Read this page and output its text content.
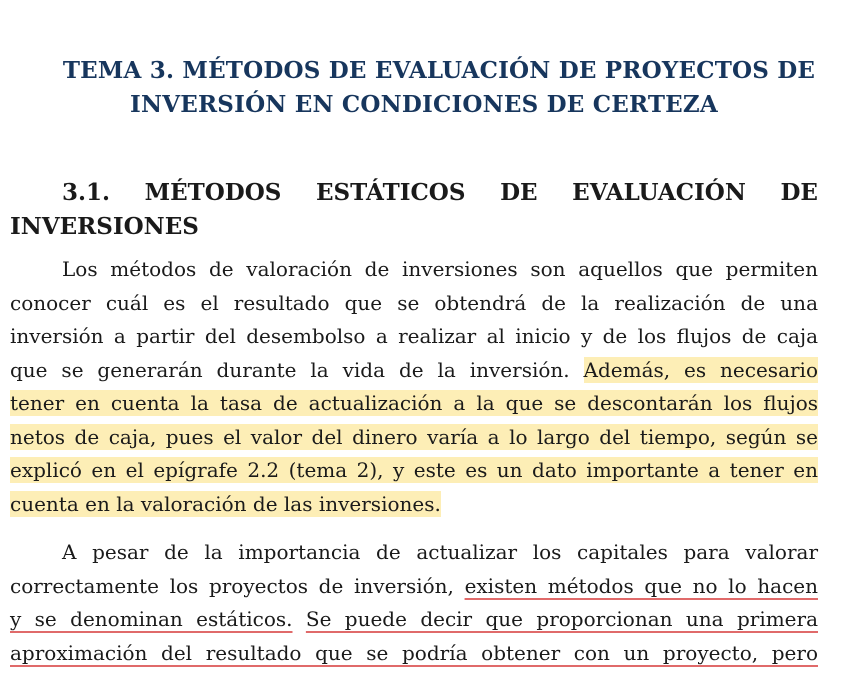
TEMA 3. MÉTODOS DE EVALUACIÓN DE PROYECTOS DE
INVERSIÓN EN CONDICIONES DE CERTEZA
3.1. MÉTODOS ESTÁTICOS DE EVALUACIÓN DE
INVERSIONES
Los métodos de valoración de inversiones son aquellos que permiten
conocer cuál es el resultado que se obtendrá de la realización de una
inversión a partir del desembolso a realizar al inicio y de los flujos de caja
que se generarán durante la vida de la inversión. Además, es necesario
tener en cuenta la tasa de actualización a la que se descontarán los flujos
netos de caja, pues el valor del dinero varía a lo largo del tiempo, según se
explicó en el epígrafe 2.2 (tema 2), y este es un dato importante a tener en
cuenta en la valoración de las inversiones.
A pesar de la importancia de actualizar los capitales para valorar
correctamente los proyectos de inversión, existen métodos que no lo hacen
y se denominan estáticos. Se puede decir que proporcionan una primera
aproximación del resultado que se podría obtener con un proyecto, pero
